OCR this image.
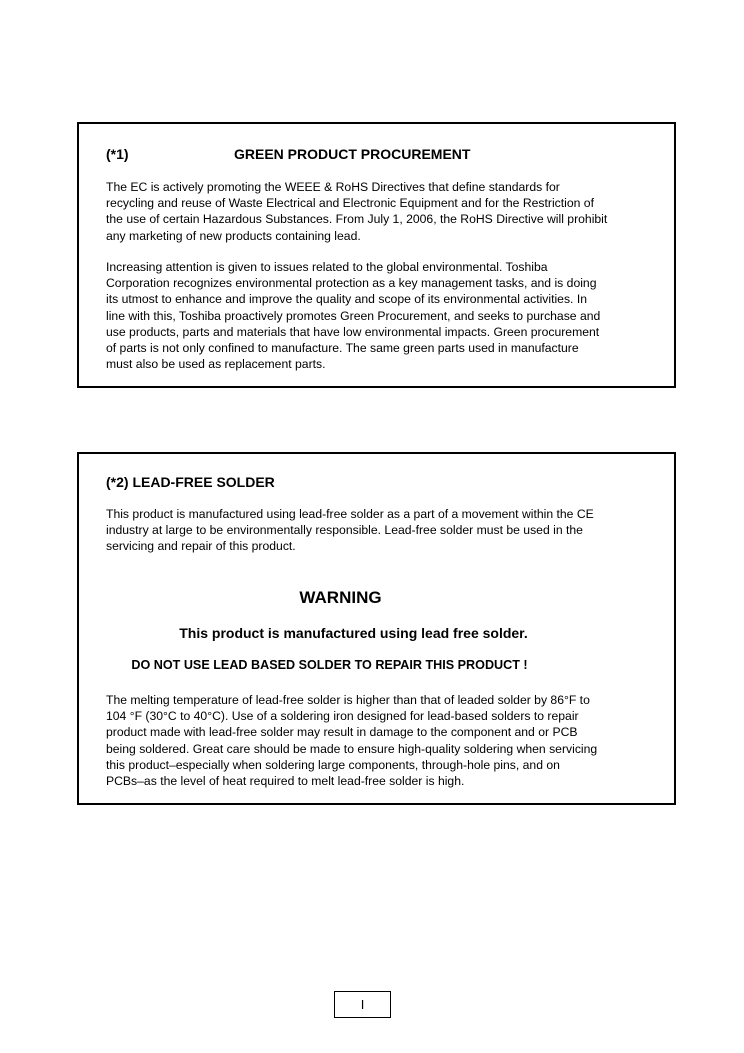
(*1)	GREEN PRODUCT PROCUREMENT
The EC is actively promoting the WEEE & RoHS Directives that define standards for
recycling and reuse of Waste Electrical and Electronic Equipment and for the Restriction of
the use of certain Hazardous Substances. From July 1, 2006, the RoHS Directive will prohibit
any marketing of new products containing lead.
Increasing attention is given to issues related to the global environmental. Toshiba
Corporation recognizes environmental protection as a key management tasks, and is doing
its utmost to enhance and improve the quality and scope of its environmental activities. In
line with this, Toshiba proactively promotes Green Procurement, and seeks to purchase and
use products, parts and materials that have low environmental impacts. Green procurement
of parts is not only confined to manufacture. The same green parts used in manufacture
must also be used as replacement parts.
(*2) LEAD-FREE SOLDER
This product is manufactured using lead-free solder as a part of a movement within the CE
industry at large to be environmentally responsible. Lead-free solder must be used in the
servicing and repair of this product.
WARNING
This product is manufactured using lead free solder.
DO NOT USE LEAD BASED SOLDER TO REPAIR THIS PRODUCT !
The melting temperature of lead-free solder is higher than that of leaded solder by 86°F to
104 °F (30°C to 40°C). Use of a soldering iron designed for lead-based solders to repair
product made with lead-free solder may result in damage to the component and or PCB
being soldered. Great care should be made to ensure high-quality soldering when servicing
this product–especially when soldering large components, through-hole pins, and on
PCBs–as the level of heat required to melt lead-free solder is high.
I
